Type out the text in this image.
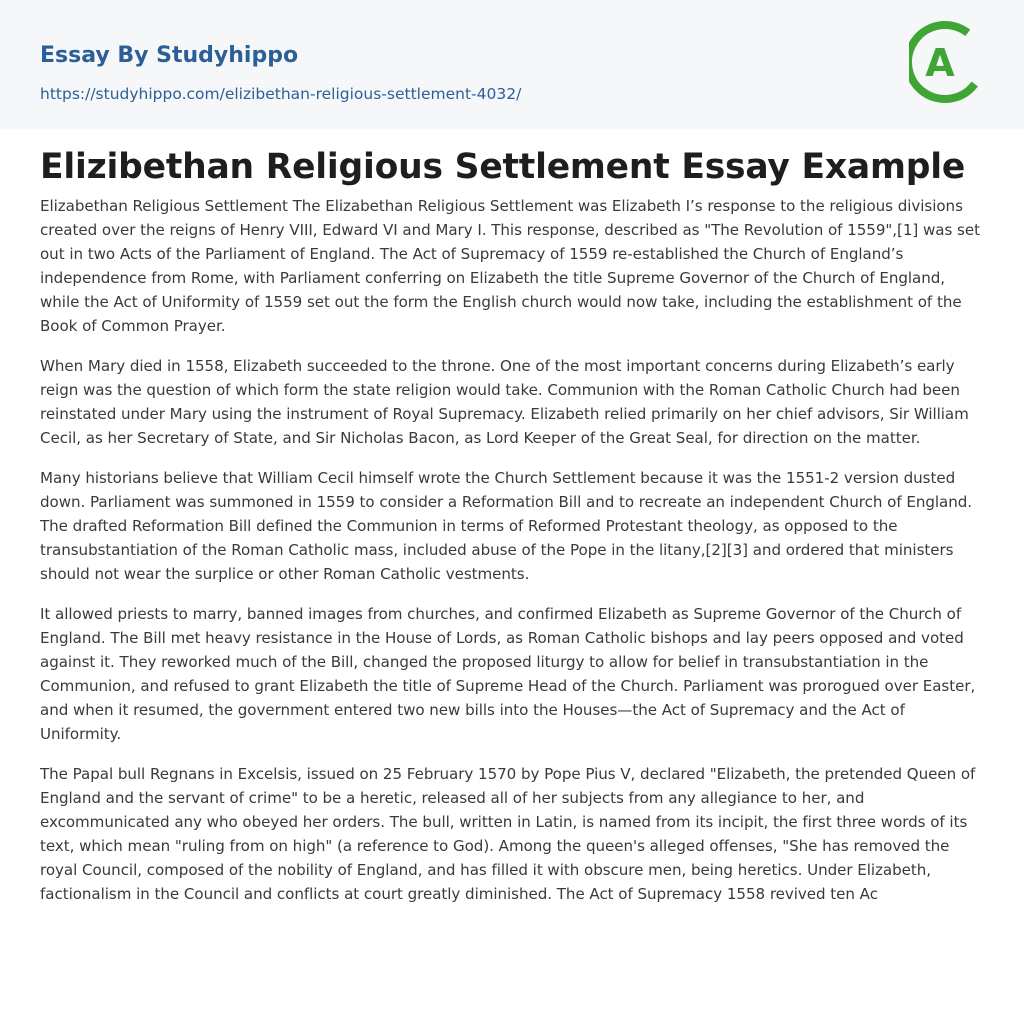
Essay By Studyhippo
https://studyhippo.com/elizibethan-religious-settlement-4032/
A
Elizibethan Religious Settlement Essay Example

Elizabethan Religious Settlement The Elizabethan Religious Settlement was Elizabeth I’s response to the religious divisions created over the reigns of Henry VIII, Edward VI and Mary I. This response, described as "The Revolution of 1559",[1] was set out in two Acts of the Parliament of England. The Act of Supremacy of 1559 re-established the Church of England’s independence from Rome, with Parliament conferring on Elizabeth the title Supreme Governor of the Church of England, while the Act of Uniformity of 1559 set out the form the English church would now take, including the establishment of the Book of Common Prayer.

When Mary died in 1558, Elizabeth succeeded to the throne. One of the most important concerns during Elizabeth’s early reign was the question of which form the state religion would take. Communion with the Roman Catholic Church had been reinstated under Mary using the instrument of Royal Supremacy. Elizabeth relied primarily on her chief advisors, Sir William Cecil, as her Secretary of State, and Sir Nicholas Bacon, as Lord Keeper of the Great Seal, for direction on the matter.

Many historians believe that William Cecil himself wrote the Church Settlement because it was the 1551-2 version dusted down. Parliament was summoned in 1559 to consider a Reformation Bill and to recreate an independent Church of England. The drafted Reformation Bill defined the Communion in terms of Reformed Protestant theology, as opposed to the transubstantiation of the Roman Catholic mass, included abuse of the Pope in the litany,[2][3] and ordered that ministers should not wear the surplice or other Roman Catholic vestments.

It allowed priests to marry, banned images from churches, and confirmed Elizabeth as Supreme Governor of the Church of England. The Bill met heavy resistance in the House of Lords, as Roman Catholic bishops and lay peers opposed and voted against it. They reworked much of the Bill, changed the proposed liturgy to allow for belief in transubstantiation in the Communion, and refused to grant Elizabeth the title of Supreme Head of the Church. Parliament was prorogued over Easter, and when it resumed, the government entered two new bills into the Houses—the Act of Supremacy and the Act of Uniformity.

The Papal bull Regnans in Excelsis, issued on 25 February 1570 by Pope Pius V, declared "Elizabeth, the pretended Queen of England and the servant of crime" to be a heretic, released all of her subjects from any allegiance to her, and excommunicated any who obeyed her orders. The bull, written in Latin, is named from its incipit, the first three words of its text, which mean "ruling from on high" (a reference to God). Among the queen's alleged offenses, "She has removed the royal Council, composed of the nobility of England, and has filled it with obscure men, being heretics. Under Elizabeth, factionalism in the Council and conflicts at court greatly diminished. The Act of Supremacy 1558 revived ten Ac
